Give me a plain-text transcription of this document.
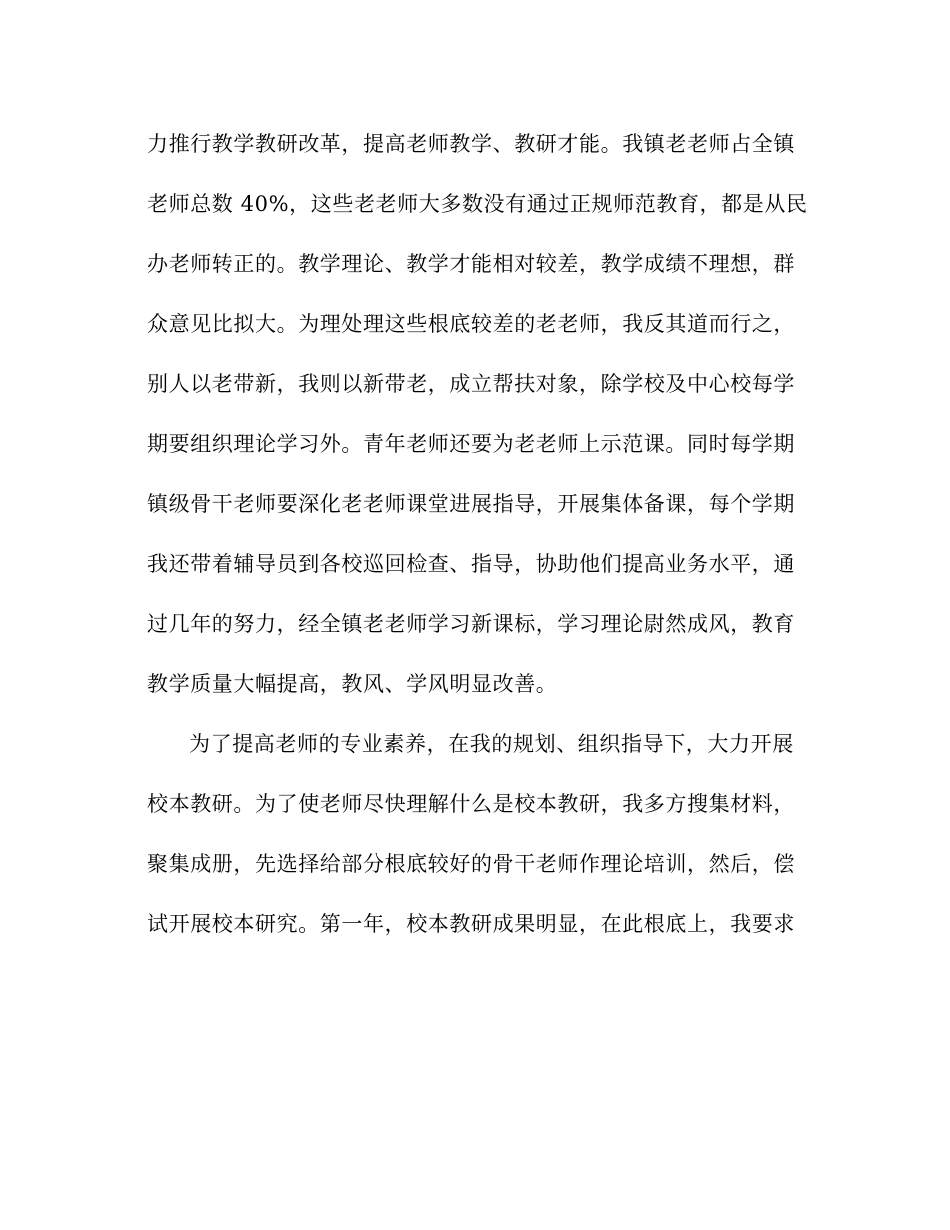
力推行教学教研改革，提高老师教学、教研才能。我镇老老师占全镇
老师总数 40%，这些老老师大多数没有通过正规师范教育，都是从民
办老师转正的。教学理论、教学才能相对较差，教学成绩不理想，群
众意见比拟大。为理处理这些根底较差的老老师，我反其道而行之，
别人以老带新，我则以新带老，成立帮扶对象，除学校及中心校每学
期要组织理论学习外。青年老师还要为老老师上示范课。同时每学期
镇级骨干老师要深化老老师课堂进展指导，开展集体备课，每个学期
我还带着辅导员到各校巡回检查、指导，协助他们提高业务水平，通
过几年的努力，经全镇老老师学习新课标，学习理论尉然成风，教育
教学质量大幅提高，教风、学风明显改善。
为了提高老师的专业素养，在我的规划、组织指导下，大力开展
校本教研。为了使老师尽快理解什么是校本教研，我多方搜集材料，
聚集成册，先选择给部分根底较好的骨干老师作理论培训，然后，偿
试开展校本研究。第一年，校本教研成果明显，在此根底上，我要求
